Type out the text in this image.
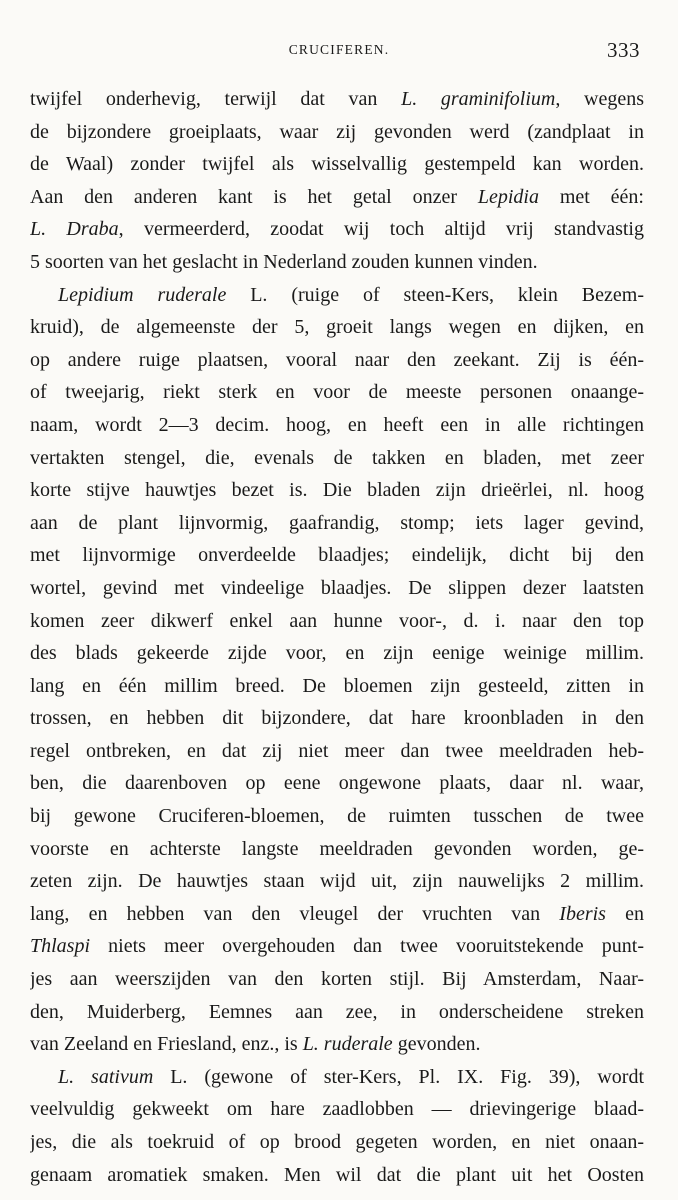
CRUCIFEREN.	333
twijfel onderhevig, terwijl dat van L. graminifolium, wegens
de bijzondere groeiplaats, waar zij gevonden werd (zandplaat in
de Waal) zonder twijfel als wisselvallig gestempeld kan worden.
Aan den anderen kant is het getal onzer Lepidia met één:
L. Draba, vermeerderd, zoodat wij toch altijd vrij standvastig
5 soorten van het geslacht in Nederland zouden kunnen vinden.
Lepidium ruderale L. (ruige of steen-Kers, klein Bezem-
kruid), de algemeenste der 5, groeit langs wegen en dijken, en
op andere ruige plaatsen, vooral naar den zeekant. Zij is één-
of tweejarig, riekt sterk en voor de meeste personen onaange-
naam, wordt 2—3 decim. hoog, en heeft een in alle richtingen
vertakten stengel, die, evenals de takken en bladen, met zeer
korte stijve hauwtjes bezet is. Die bladen zijn drieërlei, nl. hoog
aan de plant lijnvormig, gaafrandig, stomp; iets lager gevind,
met lijnvormige onverdeelde blaadjes; eindelijk, dicht bij den
wortel, gevind met vindeelige blaadjes. De slippen dezer laatsten
komen zeer dikwerf enkel aan hunne voor-, d. i. naar den top
des blads gekeerde zijde voor, en zijn eenige weinige millim.
lang en één millim breed. De bloemen zijn gesteeld, zitten in
trossen, en hebben dit bijzondere, dat hare kroonbladen in den
regel ontbreken, en dat zij niet meer dan twee meeldraden heb-
ben, die daarenboven op eene ongewone plaats, daar nl. waar,
bij gewone Cruciferen-bloemen, de ruimten tusschen de twee
voorste en achterste langste meeldraden gevonden worden, ge-
zeten zijn. De hauwtjes staan wijd uit, zijn nauwelijks 2 millim.
lang, en hebben van den vleugel der vruchten van Iberis en
Thlaspi niets meer overgehouden dan twee vooruitstekende punt-
jes aan weerszijden van den korten stijl. Bij Amsterdam, Naar-
den, Muiderberg, Eemnes aan zee, in onderscheidene streken
van Zeeland en Friesland, enz., is L. ruderale gevonden.
L. sativum L. (gewone of ster-Kers, Pl. IX. Fig. 39), wordt
veelvuldig gekweekt om hare zaadlobben — drievingerige blaad-
jes, die als toekruid of op brood gegeten worden, en niet onaan-
genaam aromatiek smaken. Men wil dat die plant uit het Oosten
